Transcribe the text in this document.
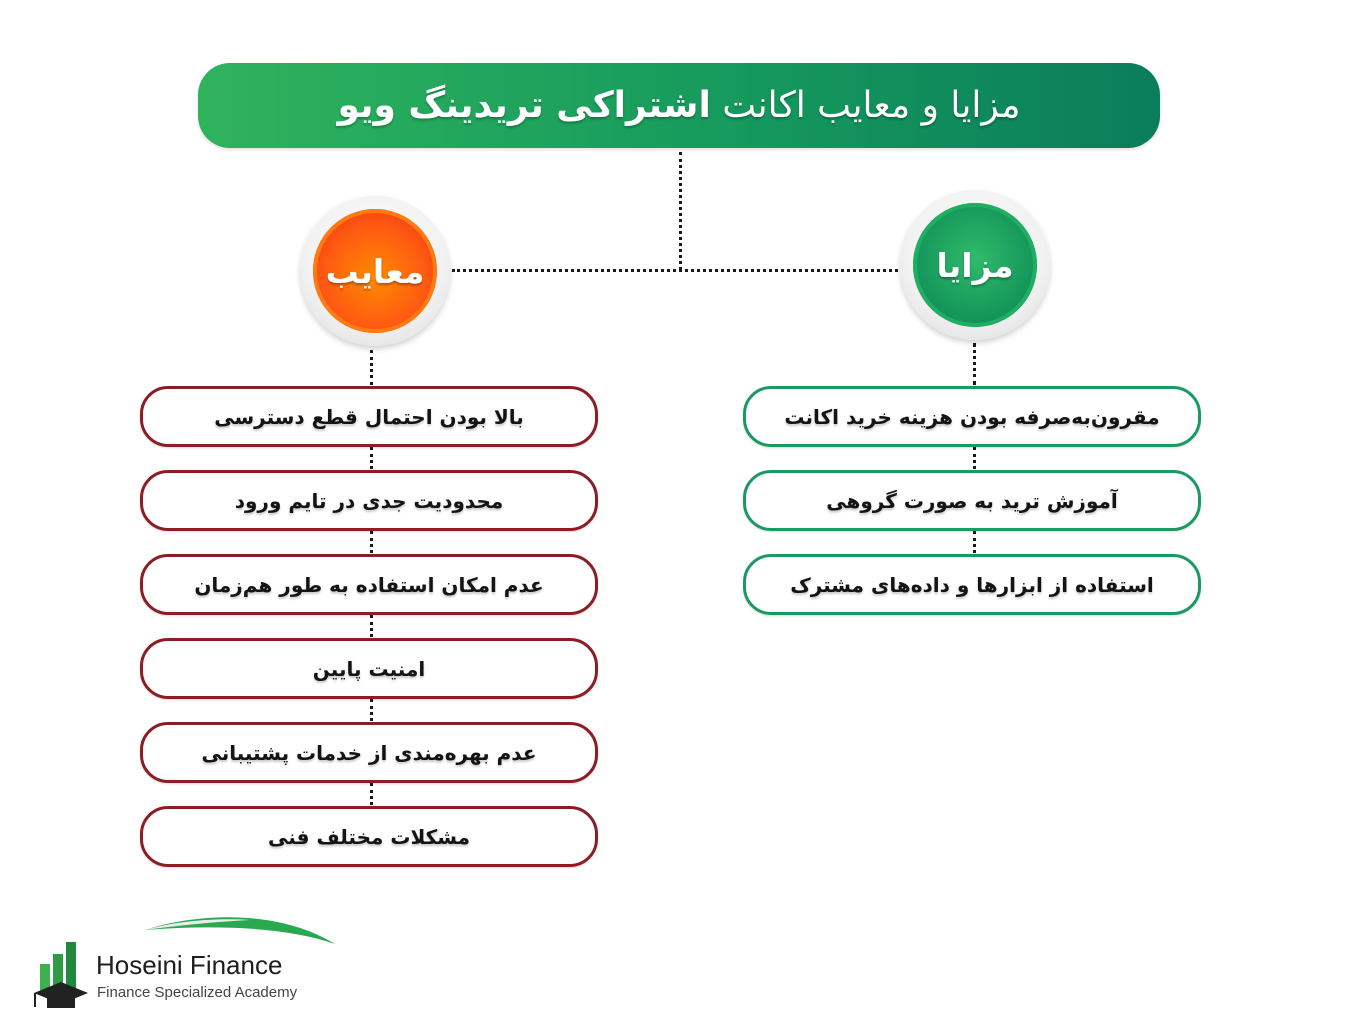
مزایا و معایب اکانت اشتراکی تریدینگ ویو
معایب	مزایا
بالا بودن احتمال قطع دسترسی
محدودیت جدی در تایم ورود
عدم امکان استفاده به طور هم‌زمان
امنیت پایین
عدم بهره‌مندی از خدمات پشتیبانی
مشکلات مختلف فنی
مقرون‌به‌صرفه بودن هزینه خرید اکانت
آموزش ترید به صورت گروهی
استفاده از ابزارها و داده‌های مشترک
Hoseini Finance
Finance Specialized Academy
